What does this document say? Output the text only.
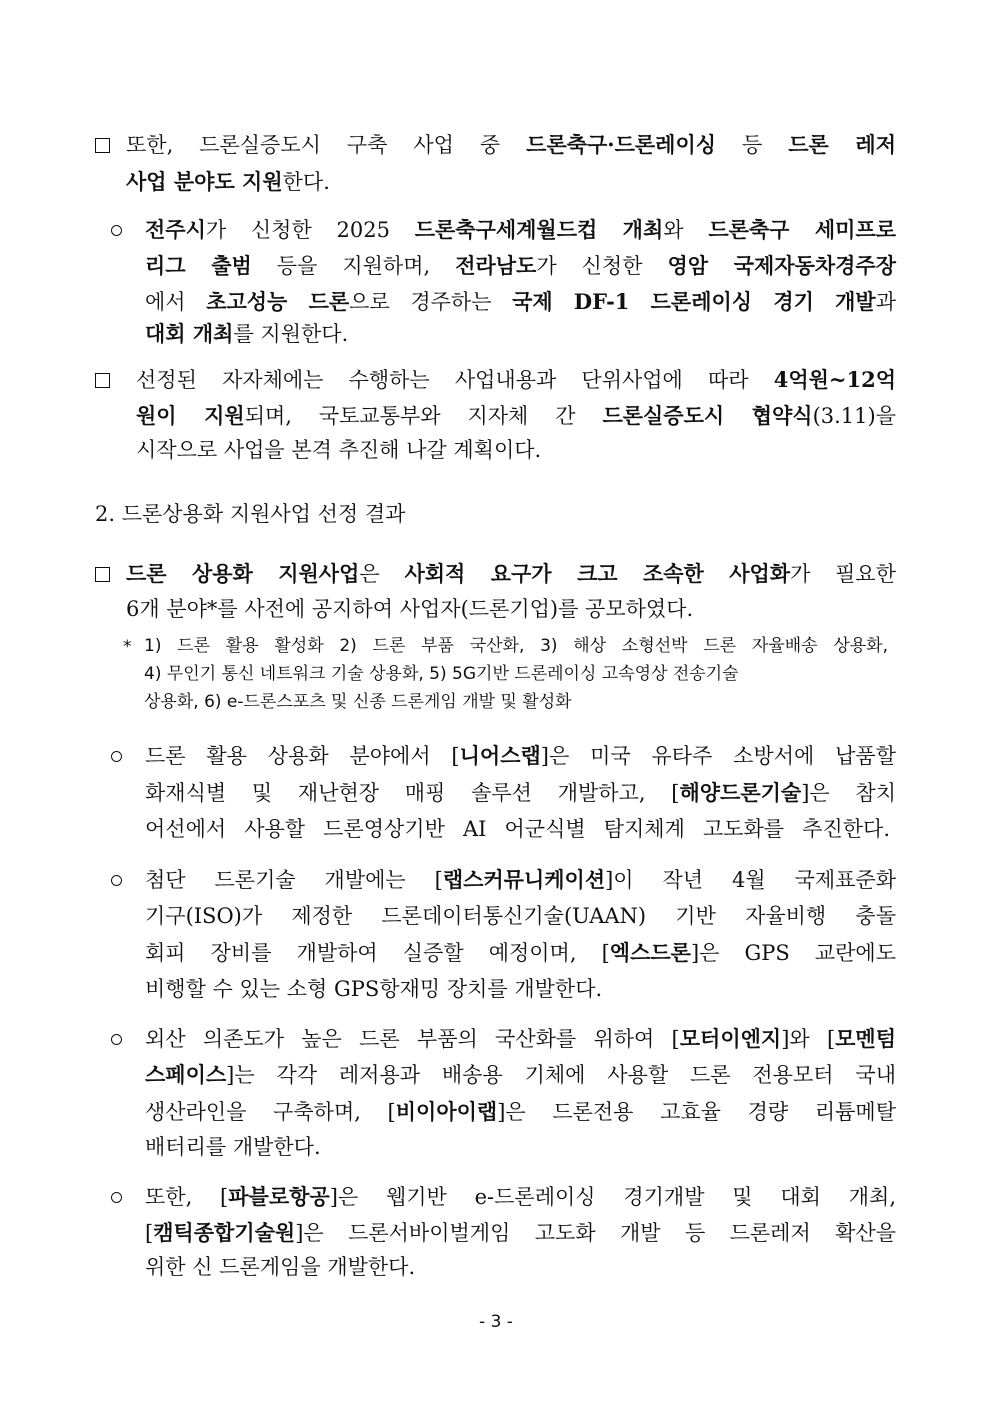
또한, 드론실증도시 구축 사업 중 드론축구·드론레이싱 등 드론 레저
사업 분야도 지원한다.
전주시가 신청한 2025 드론축구세계월드컵 개최와 드론축구 세미프로
리그 출범 등을 지원하며, 전라남도가 신청한 영암 국제자동차경주장
에서 초고성능 드론으로 경주하는 국제 DF-1 드론레이싱 경기 개발과
대회 개최를 지원한다.
선정된 자자체에는 수행하는 사업내용과 단위사업에 따라 4억원~12억
원이 지원되며, 국토교통부와 지자체 간 드론실증도시 협약식(3.11)을
시작으로 사업을 본격 추진해 나갈 계획이다.
2. 드론상용화 지원사업 선정 결과
드론 상용화 지원사업은 사회적 요구가 크고 조속한 사업화가 필요한
6개 분야*를 사전에 공지하여 사업자(드론기업)를 공모하였다.
* 1) 드론 활용 활성화 2) 드론 부품 국산화, 3) 해상 소형선박 드론 자율배송 상용화,
4) 무인기 통신 네트워크 기술 상용화, 5) 5G기반 드론레이싱 고속영상 전송기술
상용화, 6) e-드론스포츠 및 신종 드론게임 개발 및 활성화
드론 활용 상용화 분야에서 [니어스랩]은 미국 유타주 소방서에 납품할
화재식별 및 재난현장 매핑 솔루션 개발하고, [해양드론기술]은 참치
어선에서 사용할 드론영상기반 AI 어군식별 탐지체계 고도화를 추진한다.
첨단 드론기술 개발에는 [랩스커뮤니케이션]이 작년 4월 국제표준화
기구(ISO)가 제정한 드론데이터통신기술(UAAN) 기반 자율비행 충돌
회피 장비를 개발하여 실증할 예정이며, [엑스드론]은 GPS 교란에도
비행할 수 있는 소형 GPS항재밍 장치를 개발한다.
외산 의존도가 높은 드론 부품의 국산화를 위하여 [모터이엔지]와 [모멘텀
스페이스]는 각각 레저용과 배송용 기체에 사용할 드론 전용모터 국내
생산라인을 구축하며, [비이아이랩]은 드론전용 고효율 경량 리튬메탈
배터리를 개발한다.
또한, [파블로항공]은 웹기반 e-드론레이싱 경기개발 및 대회 개최,
[캠틱종합기술원]은 드론서바이벌게임 고도화 개발 등 드론레저 확산을
위한 신 드론게임을 개발한다.
- 3 -
